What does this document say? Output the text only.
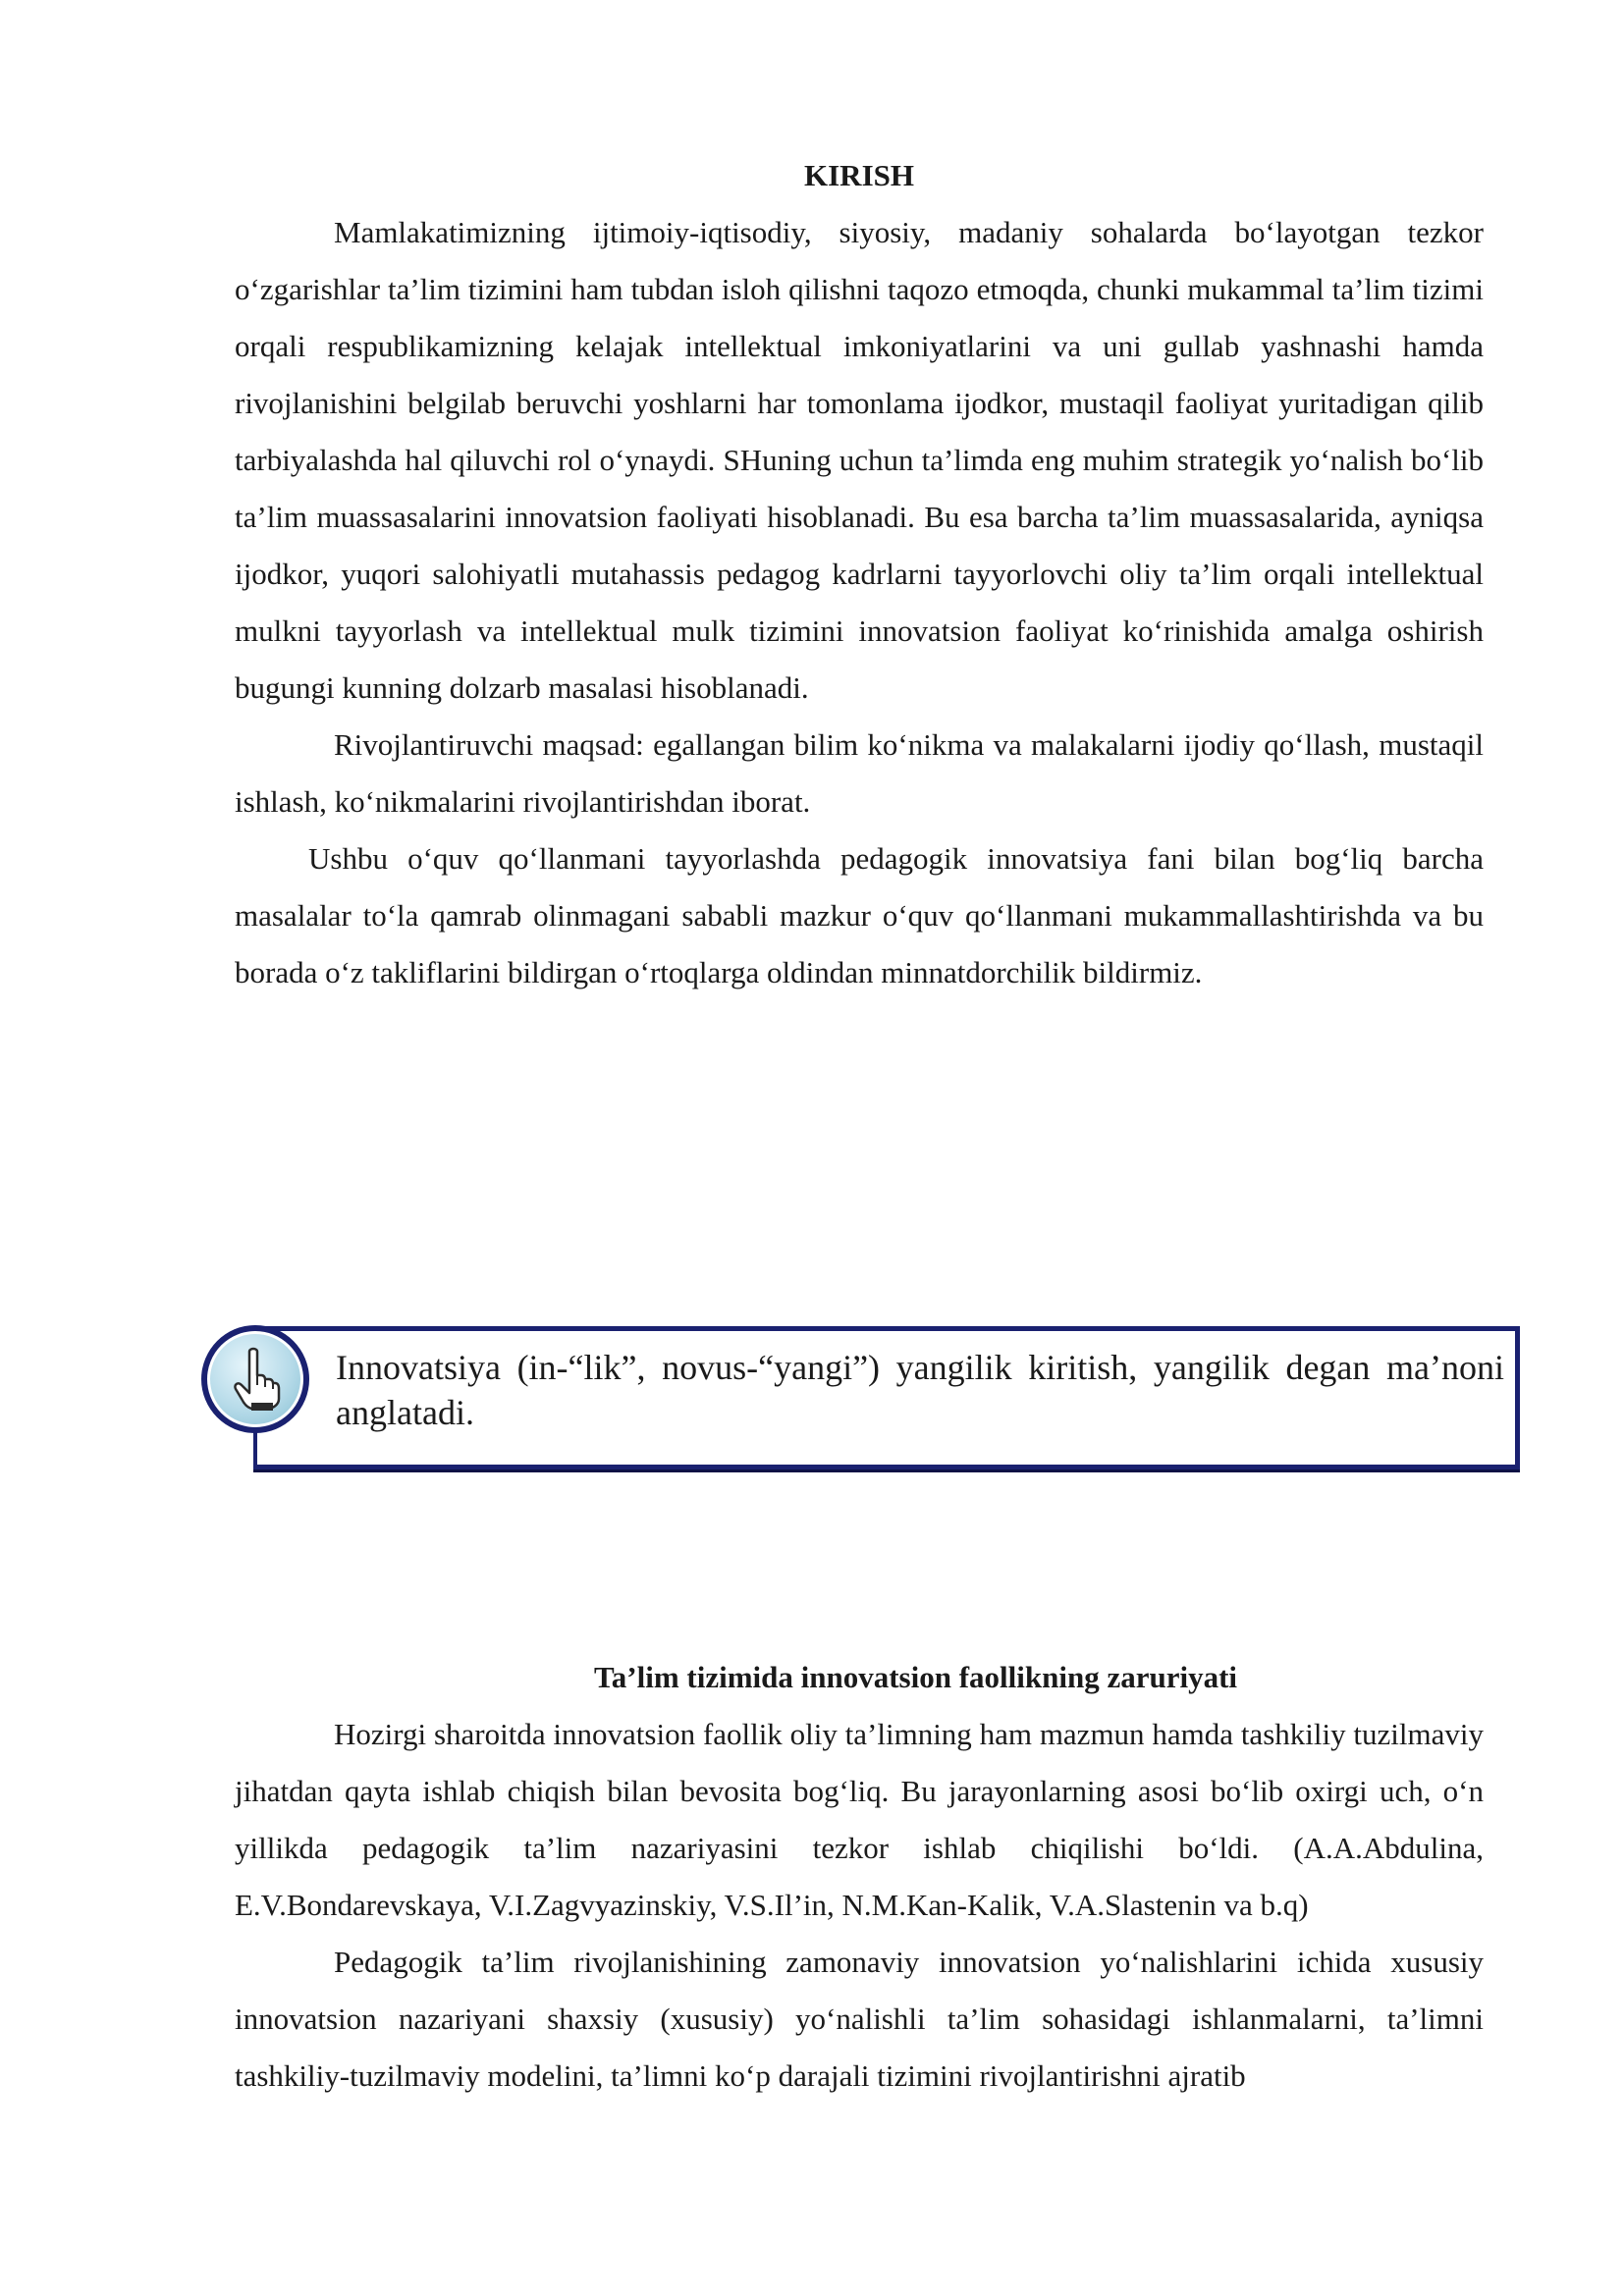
KIRISH

Mamlakatimizning ijtimoiy-iqtisodiy, siyosiy, madaniy sohalarda bo‘layotgan tezkor o‘zgarishlar ta’lim tizimini ham tubdan isloh qilishni taqozo etmoqda, chunki mukammal ta’lim tizimi orqali respublikamizning kelajak intellektual imkoniyatlarini va uni gullab yashnashi hamda rivojlanishini belgilab beruvchi yoshlarni har tomonlama ijodkor, mustaqil faoliyat yuritadigan qilib tarbiyalashda hal qiluvchi rol o‘ynaydi. SHuning uchun ta’limda eng muhim strategik yo‘nalish bo‘lib ta’lim muassasalarini innovatsion faoliyati hisoblanadi. Bu esa barcha ta’lim muassasalarida, ayniqsa ijodkor, yuqori salohiyatli mutahassis pedagog kadrlarni tayyorlovchi oliy ta’lim orqali intellektual mulkni tayyorlash va intellektual mulk tizimini innovatsion faoliyat ko‘rinishida amalga oshirish bugungi kunning dolzarb masalasi hisoblanadi.

Rivojlantiruvchi maqsad: egallangan bilim ko‘nikma va malakalarni ijodiy qo‘llash, mustaqil ishlash, ko‘nikmalarini rivojlantirishdan iborat.

Ushbu o‘quv qo‘llanmani tayyorlashda pedagogik innovatsiya fani bilan bog‘liq barcha masalalar to‘la qamrab olinmagani sababli mazkur o‘quv qo‘llanmani mukammallashtirishda va bu borada o‘z takliflarini bildirgan o‘rtoqlarga oldindan minnatdorchilik bildirmiz.

Innovatsiya (in-“lik”, novus-“yangi”) yangilik kiritish, yangilik degan ma’noni anglatadi.

Ta’lim tizimida innovatsion faollikning zaruriyati

Hozirgi sharoitda innovatsion faollik oliy ta’limning ham mazmun hamda tashkiliy tuzilmaviy jihatdan qayta ishlab chiqish bilan bevosita bog‘liq. Bu jarayonlarning asosi bo‘lib oxirgi uch, o‘n yillikda pedagogik ta’lim nazariyasini tezkor ishlab chiqilishi bo‘ldi. (A.A.Abdulina, E.V.Bondarevskaya, V.I.Zagvyazinskiy, V.S.Il’in, N.M.Kan-Kalik, V.A.Slastenin va b.q)

Pedagogik ta’lim rivojlanishining zamonaviy innovatsion yo‘nalishlarini ichida xususiy innovatsion nazariyani shaxsiy (xususiy) yo‘nalishli ta’lim sohasidagi ishlanmalarni, ta’limni tashkiliy-tuzilmaviy modelini, ta’limni ko‘p darajali tizimini rivojlantirishni ajratib
